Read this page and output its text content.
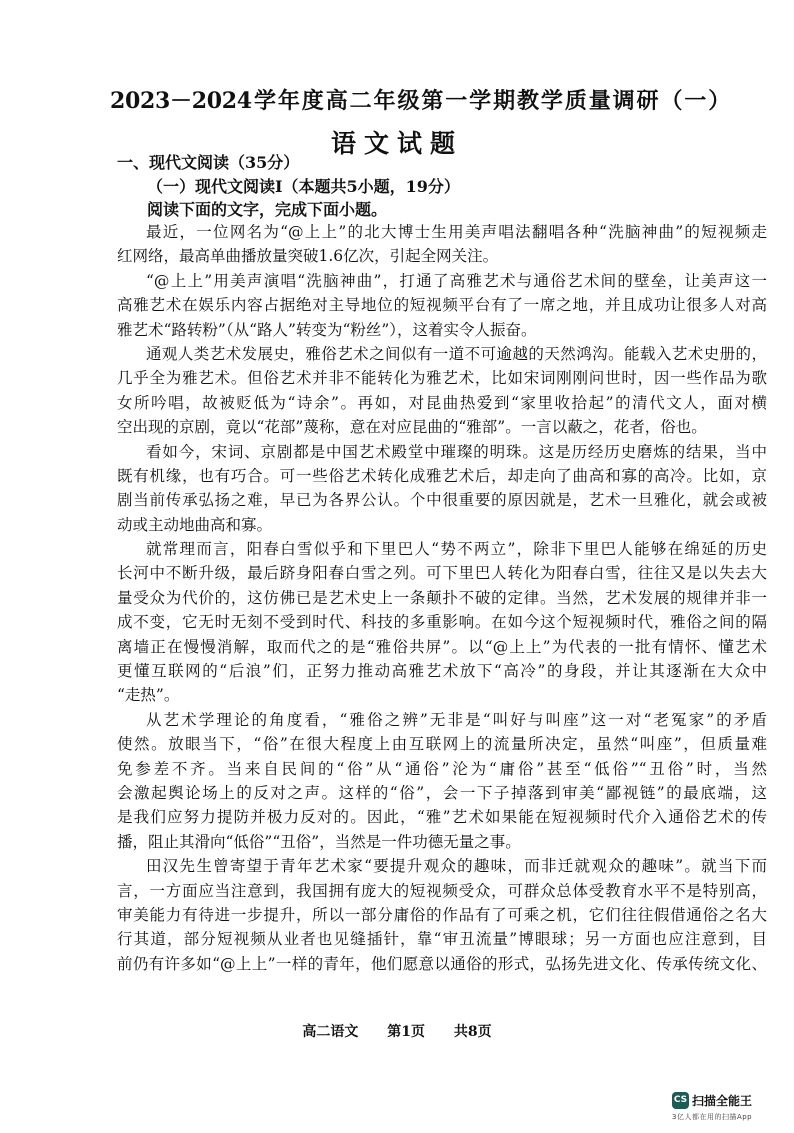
2023－2024学年度高二年级第一学期教学质量调研（一）
语文试题
一、现代文阅读（35分）
（一）现代文阅读Ⅰ（本题共5小题，19分）
阅读下面的文字，完成下面小题。
最近，一位网名为“@上上”的北大博士生用美声唱法翻唱各种“洗脑神曲”的短视频走
红网络，最高单曲播放量突破1.6亿次，引起全网关注。
“@上上”用美声演唱“洗脑神曲”，打通了高雅艺术与通俗艺术间的壁垒，让美声这一
高雅艺术在娱乐内容占据绝对主导地位的短视频平台有了一席之地，并且成功让很多人对高
雅艺术“路转粉”（从“路人”转变为“粉丝”），这着实令人振奋。
通观人类艺术发展史，雅俗艺术之间似有一道不可逾越的天然鸿沟。能载入艺术史册的，
几乎全为雅艺术。但俗艺术并非不能转化为雅艺术，比如宋词刚刚问世时，因一些作品为歌
女所吟唱，故被贬低为“诗余”。再如，对昆曲热爱到“家里收拾起”的清代文人，面对横
空出现的京剧，竟以“花部”蔑称，意在对应昆曲的“雅部”。一言以蔽之，花者，俗也。
看如今，宋词、京剧都是中国艺术殿堂中璀璨的明珠。这是历经历史磨炼的结果，当中
既有机缘，也有巧合。可一些俗艺术转化成雅艺术后，却走向了曲高和寡的高冷。比如，京
剧当前传承弘扬之难，早已为各界公认。个中很重要的原因就是，艺术一旦雅化，就会或被
动或主动地曲高和寡。
就常理而言，阳春白雪似乎和下里巴人“势不两立”，除非下里巴人能够在绵延的历史
长河中不断升级，最后跻身阳春白雪之列。可下里巴人转化为阳春白雪，往往又是以失去大
量受众为代价的，这仿佛已是艺术史上一条颠扑不破的定律。当然，艺术发展的规律并非一
成不变，它无时无刻不受到时代、科技的多重影响。在如今这个短视频时代，雅俗之间的隔
离墙正在慢慢消解，取而代之的是“雅俗共屏”。以“@上上”为代表的一批有情怀、懂艺术
更懂互联网的“后浪”们，正努力推动高雅艺术放下“高冷”的身段，并让其逐渐在大众中
“走热”。
从艺术学理论的角度看，“雅俗之辨”无非是“叫好与叫座”这一对“老冤家”的矛盾
使然。放眼当下，“俗”在很大程度上由互联网上的流量所决定，虽然“叫座”，但质量难
免参差不齐。当来自民间的“俗”从“通俗”沦为“庸俗”甚至“低俗”“丑俗”时，当然
会激起舆论场上的反对之声。这样的“俗”，会一下子掉落到审美“鄙视链”的最底端，这
是我们应努力提防并极力反对的。因此，“雅”艺术如果能在短视频时代介入通俗艺术的传
播，阻止其滑向“低俗”“丑俗”，当然是一件功德无量之事。
田汉先生曾寄望于青年艺术家“要提升观众的趣味，而非迁就观众的趣味”。就当下而
言，一方面应当注意到，我国拥有庞大的短视频受众，可群众总体受教育水平不是特别高，
审美能力有待进一步提升，所以一部分庸俗的作品有了可乘之机，它们往往假借通俗之名大
行其道，部分短视频从业者也见缝插针，靠“审丑流量”博眼球；另一方面也应注意到，目
前仍有许多如“@上上”一样的青年，他们愿意以通俗的形式，弘扬先进文化、传承传统文化、
高二语文 第1页 共8页
CS 扫描全能王
3亿人都在用的扫描App
